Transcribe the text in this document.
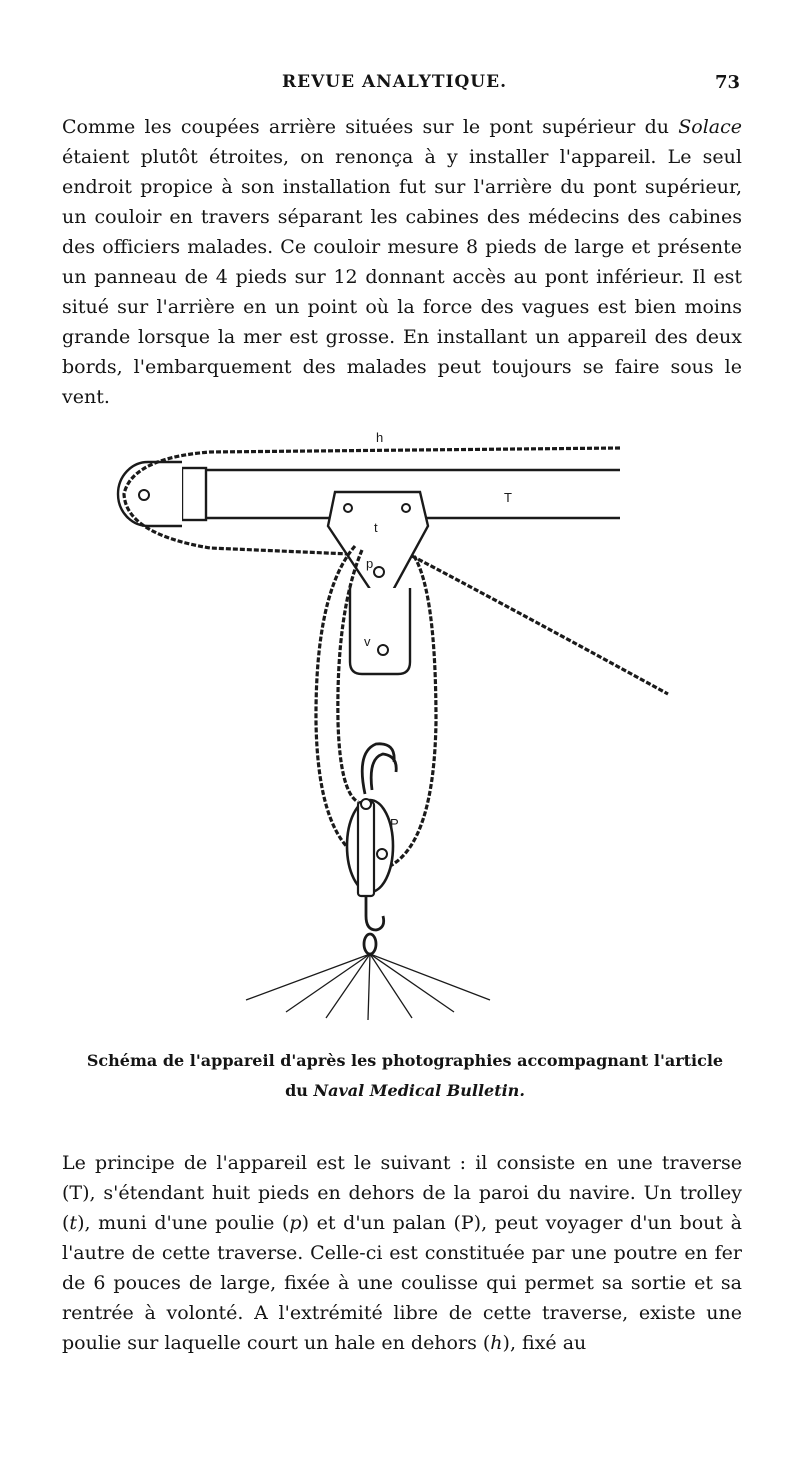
REVUE ANALYTIQUE.	73

Comme les coupées arrière situées sur le pont supérieur du Solace étaient plutôt étroites, on renonça à y installer l'appareil. Le seul endroit propice à son installation fut sur l'arrière du pont supérieur, un couloir en travers séparant les cabines des médecins des cabines des officiers malades. Ce couloir mesure 8 pieds de large et présente un panneau de 4 pieds sur 12 donnant accès au pont inférieur. Il est situé sur l'arrière en un point où la force des vagues est bien moins grande lorsque la mer est grosse. En installant un appareil des deux bords, l'embarquement des malades peut toujours se faire sous le vent.

h
T
t
p
v
P
Schéma de l'appareil d'après les photographies accompagnant l'article
du Naval Medical Bulletin.

Le principe de l'appareil est le suivant : il consiste en une traverse (T), s'étendant huit pieds en dehors de la paroi du navire. Un trolley (t), muni d'une poulie (p) et d'un palan (P), peut voyager d'un bout à l'autre de cette traverse. Celle-ci est constituée par une poutre en fer de 6 pouces de large, fixée à une coulisse qui permet sa sortie et sa rentrée à volonté. A l'extrémité libre de cette traverse, existe une poulie sur laquelle court un hale en dehors (h), fixé au
